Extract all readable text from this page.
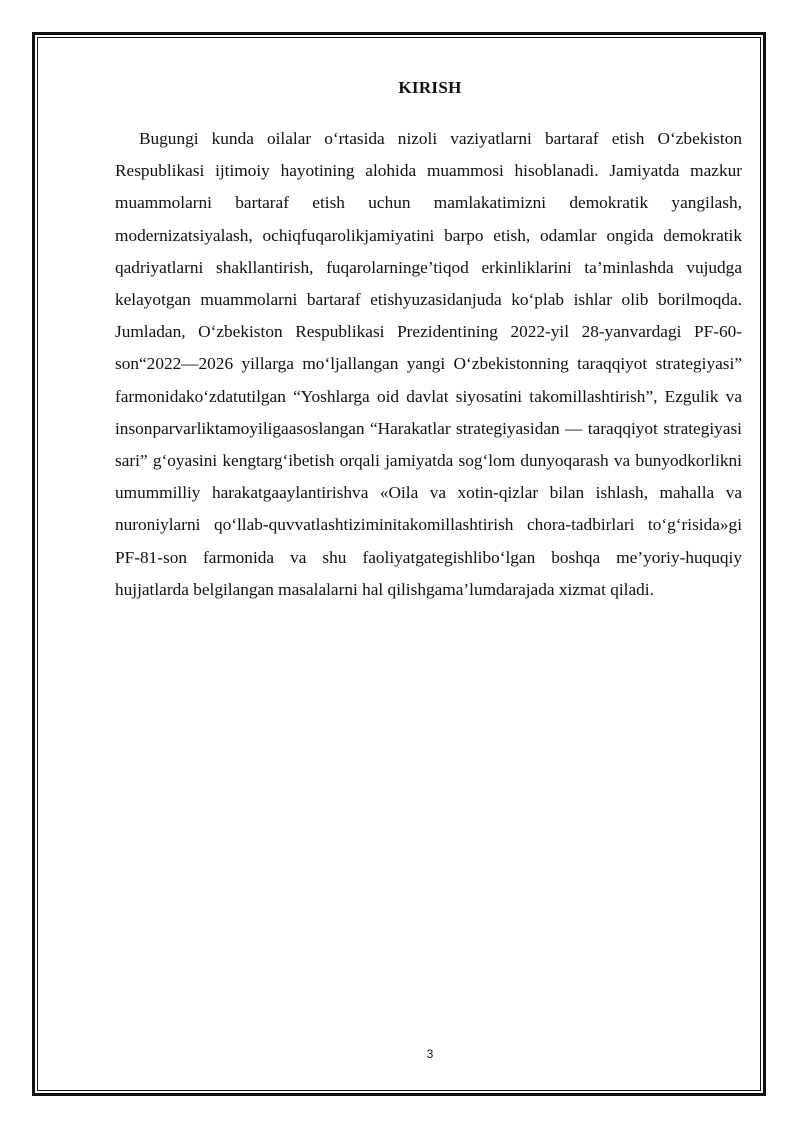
KIRISH

Bugungi kunda oilalar o‘rtasida nizoli vaziyatlarni bartaraf etish O‘zbekiston Respublikasi ijtimoiy hayotining alohida muammosi hisoblanadi. Jamiyatda mazkur muammolarni bartaraf etish uchun mamlakatimizni demokratik yangilash, modernizatsiyalash, ochiqfuqarolikjamiyatini barpo etish, odamlar ongida demokratik qadriyatlarni shakllantirish, fuqarolarninge’tiqod erkinliklarini ta’minlashda vujudga kelayotgan muammolarni bartaraf etishyuzasidanjuda ko‘plab ishlar olib borilmoqda. Jumladan, O‘zbekiston Respublikasi Prezidentining 2022-yil 28-yanvardagi PF-60-son“2022—2026 yillarga mo‘ljallangan yangi O‘zbekistonning taraqqiyot strategiyasi” farmonidako‘zdatutilgan “Yoshlarga oid davlat siyosatini takomillashtirish”, Ezgulik va insonparvarliktamoyiligaasoslangan “Harakatlar strategiyasidan — taraqqiyot strategiyasi sari” g‘oyasini kengtarg‘ibetish orqali jamiyatda sog‘lom dunyoqarash va bunyodkorlikni umummilliy harakatgaaylantirishva «Oila va xotin-qizlar bilan ishlash, mahalla va nuroniylarni qo‘llab-quvvatlashtiziminitakomillashtirish chora-tadbirlari to‘g‘risida»gi PF-81-son farmonida va shu faoliyatgategishlibo‘lgan boshqa me’yoriy-huquqiy hujjatlarda belgilangan masalalarni hal qilishgama’lumdarajada xizmat qiladi.

3
